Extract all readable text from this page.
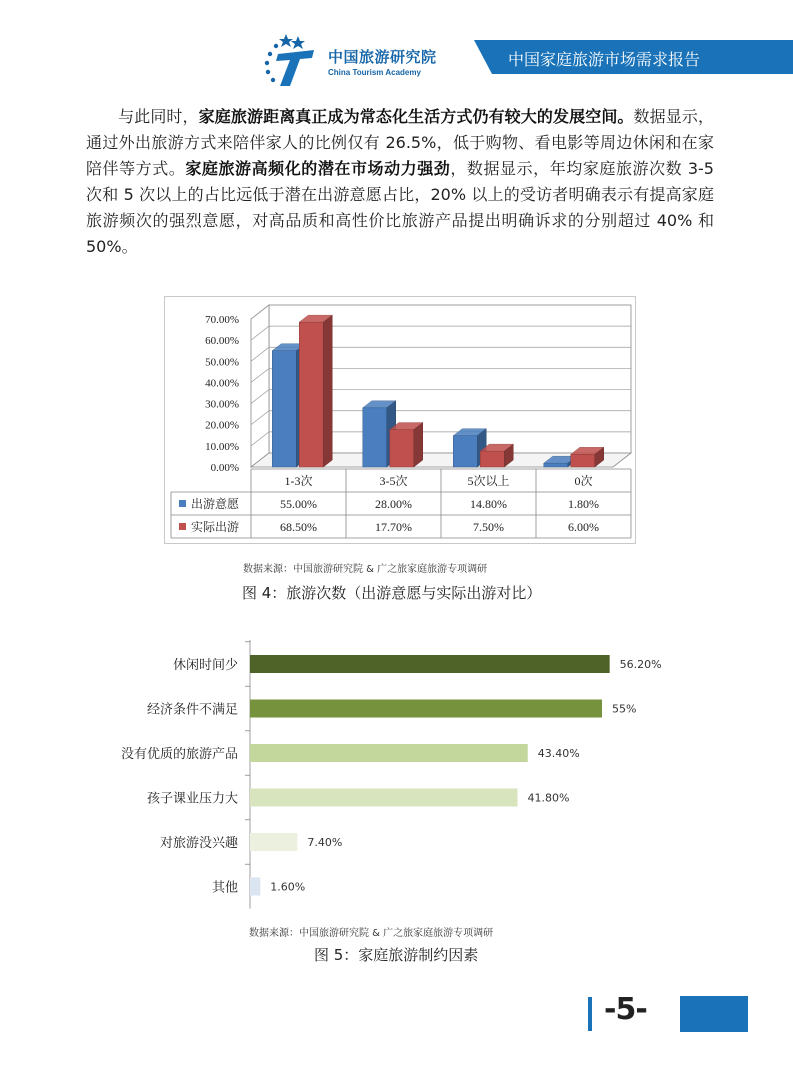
中国旅游研究院
China Tourism Academy
中国家庭旅游市场需求报告
与此同时，家庭旅游距离真正成为常态化生活方式仍有较大的发展空间。数据显示，通过外出旅游方式来陪伴家人的比例仅有 26.5%，低于购物、看电影等周边休闲和在家陪伴等方式。家庭旅游高频化的潜在市场动力强劲，数据显示，年均家庭旅游次数 3-5 次和 5 次以上的占比远低于潜在出游意愿占比，20% 以上的受访者明确表示有提高家庭旅游频次的强烈意愿，对高品质和高性价比旅游产品提出明确诉求的分别超过 40% 和 50%。
0.00%
10.00%
20.00%
30.00%
40.00%
50.00%
60.00%
70.00%
1-3次	3-5次	5次以上	0次
出游意愿	55.00%	28.00%	14.80%	1.80%
实际出游	68.50%	17.70%	7.50%	6.00%
数据来源：中国旅游研究院 & 广之旅家庭旅游专项调研
图 4：旅游次数（出游意愿与实际出游对比）
休闲时间少	56.20%
经济条件不满足	55%
没有优质的旅游产品	43.40%
孩子课业压力大	41.80%
对旅游没兴趣	7.40%
其他	1.60%
数据来源：中国旅游研究院 & 广之旅家庭旅游专项调研
图 5：家庭旅游制约因素
-5-
